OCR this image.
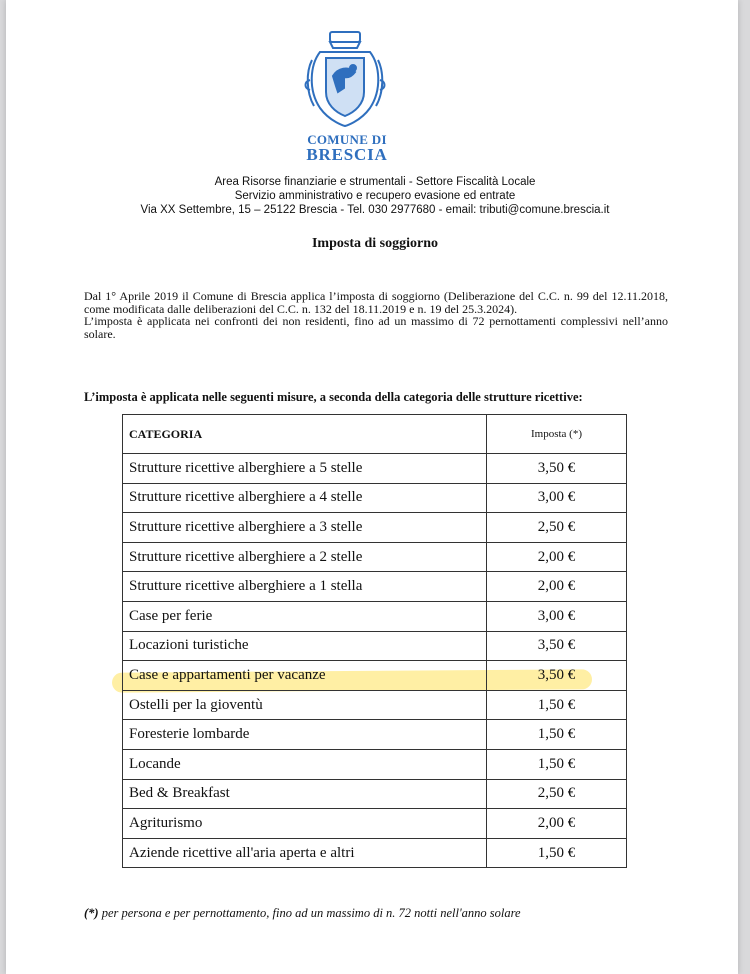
COMUNE DI
BRESCIA
Area Risorse finanziarie e strumentali - Settore Fiscalità Locale
Servizio amministrativo e recupero evasione ed entrate
Via XX Settembre, 15 – 25122 Brescia - Tel. 030 2977680 - email: tributi@comune.brescia.it
Imposta di soggiorno

Dal 1° Aprile 2019 il Comune di Brescia applica l’imposta di soggiorno (Deliberazione del C.C. n. 99 del 12.11.2018, come modificata dalle deliberazioni del C.C. n. 132 del 18.11.2019 e n. 19 del 25.3.2024).

L’imposta è applicata nei confronti dei non residenti, fino ad un massimo di 72 pernottamenti complessivi nell’anno solare.

L’imposta è applicata nelle seguenti misure, a seconda della categoria delle strutture ricettive:
CATEGORIA	Imposta (*)
Strutture ricettive alberghiere a 5 stelle	3,50 €
Strutture ricettive alberghiere a 4 stelle	3,00 €
Strutture ricettive alberghiere a 3 stelle	2,50 €
Strutture ricettive alberghiere a 2 stelle	2,00 €
Strutture ricettive alberghiere a 1 stella	2,00 €
Case per ferie	3,00 €
Locazioni turistiche	3,50 €
Case e appartamenti per vacanze	3,50 €
Ostelli per la gioventù	1,50 €
Foresterie lombarde	1,50 €
Locande	1,50 €
Bed & Breakfast	2,50 €
Agriturismo	2,00 €
Aziende ricettive all'aria aperta e altri	1,50 €
(*) per persona e per pernottamento, fino ad un massimo di n. 72 notti nell'anno solare
